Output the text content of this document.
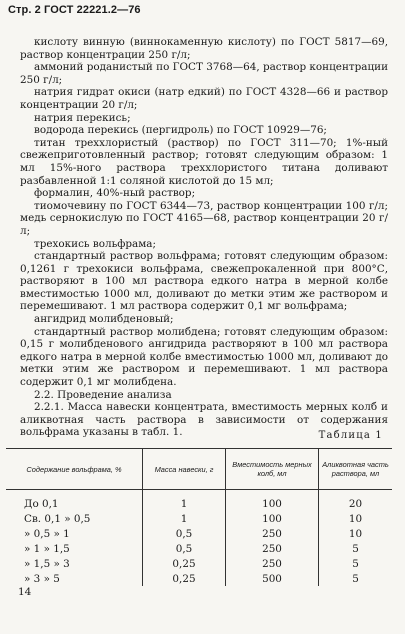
Стр. 2 ГОСТ 22221.2—76

кислоту винную (виннокаменную кислоту) по ГОСТ 5817—69, раствор концентрации 250 г/л;

аммоний роданистый по ГОСТ 3768—64, раствор концентрации 250 г/л;

натрия гидрат окиси (натр едкий) по ГОСТ 4328—66 и раствор концентрации 20 г/л;

натрия перекись;

водорода перекись (пергидроль) по ГОСТ 10929—76;

титан треххлористый (раствор) по ГОСТ 311—70; 1%-ный свежеприготовленный раствор; готовят следующим образом: 1 мл 15%-ного раствора треххлористого титана доливают разбавленной 1:1 соляной кислотой до 15 мл;

формалин, 40%-ный раствор;

тиомочевину по ГОСТ 6344—73, раствор концентрации 100 г/л; медь сернокислую по ГОСТ 4165—68, раствор концентрации 20 г/л;

трехокись вольфрама;

стандартный раствор вольфрама; готовят следующим образом: 0,1261 г трехокиси вольфрама, свежепрокаленной при 800°С, растворяют в 100 мл раствора едкого натра в мерной колбе вместимостью 1000 мл, доливают до метки этим же раствором и перемешивают. 1 мл раствора содержит 0,1 мг вольфрама;

ангидрид молибденовый;

стандартный раствор молибдена; готовят следующим образом: 0,15 г молибденового ангидрида растворяют в 100 мл раствора едкого натра в мерной колбе вместимостью 1000 мл, доливают до метки этим же раствором и перемешивают. 1 мл раствора содержит 0,1 мг молибдена.

2.2. Проведение анализа

2.2.1. Масса навески концентрата, вместимость мерных колб и аликвотная часть раствора в зависимости от содержания вольфрама указаны в табл. 1.	Таблица 1
Содержание вольфрама, %	Масса навески, г	Вместимость мерных колб, мл	Аликвотная часть раствора, мл

До 0,1	1	100	20
Св. 0,1 » 0,5	1	100	10
» 0,5 » 1	0,5	250	10
» 1 » 1,5	0,5	250	5
» 1,5 » 3	0,25	250	5
» 3 » 5	0,25	500	5
14
